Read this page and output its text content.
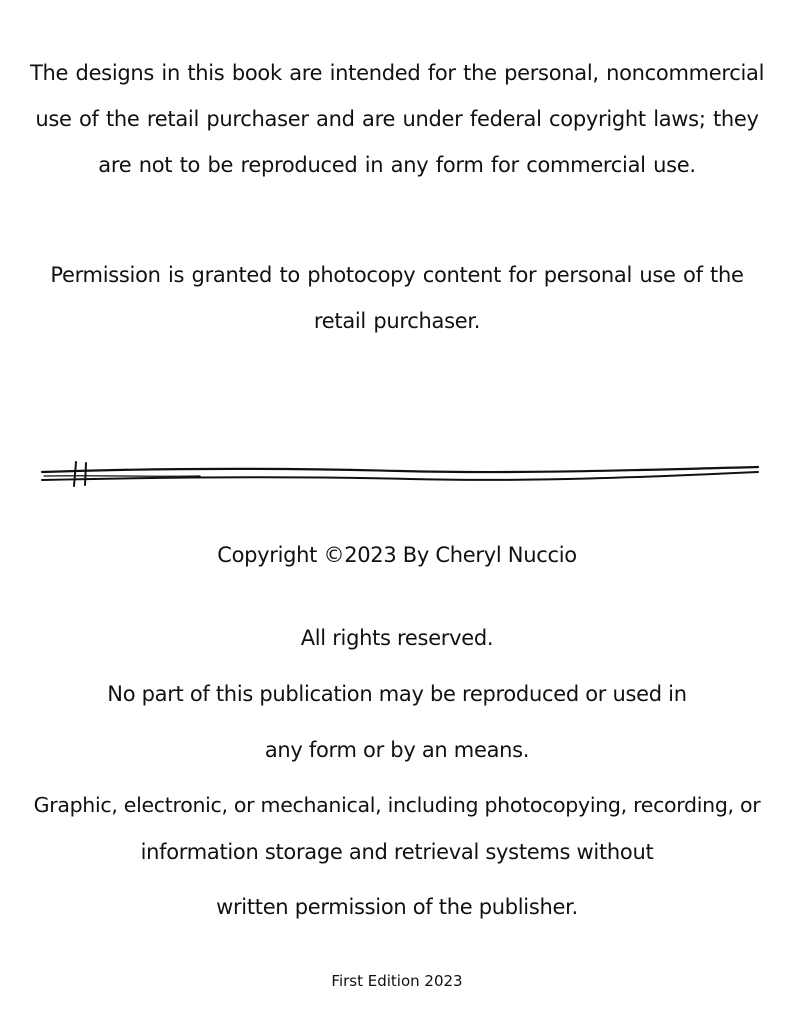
The designs in this book are intended for the personal, noncommercial
use of the retail purchaser and are under federal copyright laws; they
are not to be reproduced in any form for commercial use.
Permission is granted to photocopy content for personal use of the
retail purchaser.
Copyright ©2023 By Cheryl Nuccio
All rights reserved.
No part of this publication may be reproduced or used in
any form or by an means.
Graphic, electronic, or mechanical, including photocopying, recording, or
information storage and retrieval systems without
written permission of the publisher.
First Edition 2023
